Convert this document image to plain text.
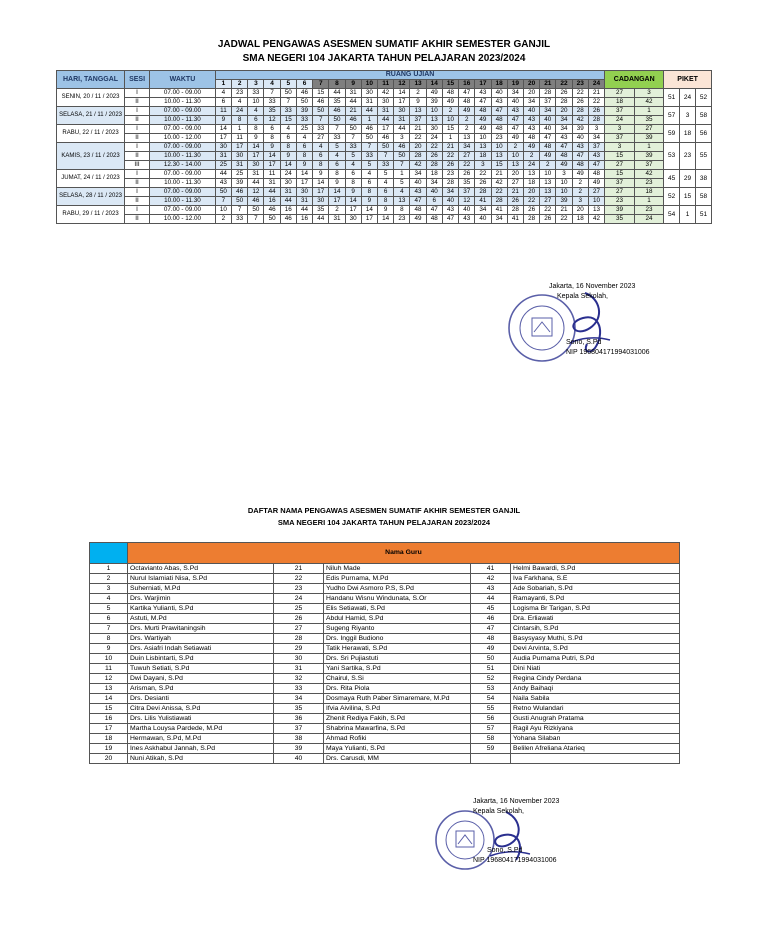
JADWAL PENGAWAS ASESMEN SUMATIF AKHIR SEMESTER GANJIL
SMA NEGERI 104 JAKARTA TAHUN PELAJARAN 2023/2024
HARI, TANGGAL	SESI	WAKTU	RUANG UJIAN																								CADANGAN		PIKET		
			1	2	3	4	5	6	7	8	9	10	11	12	13	14	15	16	17	18	19	20	21	22	23	24					
SENIN, 20 / 11 / 2023	I	07.00 - 09.00	4	23	33	7	50	46	15	44	31	30	42	14	2	49	48	47	43	40	34	20	28	26	22	21	27	3	51	24	52
	II	10.00 - 11.30	6	4	10	33	7	50	46	35	44	31	30	17	9	39	49	48	47	43	40	34	37	28	26	22	18	42			
SELASA, 21 / 11 / 2023	I	07.00 - 09.00	11	24	4	35	33	39	50	46	21	44	31	30	13	10	2	49	48	47	43	40	34	20	28	26	37	1	57	3	58
	II	10.00 - 11.30	9	8	6	12	15	33	7	50	46	1	44	31	37	13	10	2	49	48	47	43	40	34	42	28	24	35			
RABU, 22 / 11 / 2023	I	07.00 - 09.00	14	1	8	6	4	25	33	7	50	46	17	44	21	30	15	2	49	48	47	43	40	34	39	3	3	27	59	18	56
	II	10.00 - 12.00	17	11	9	8	6	4	27	33	7	50	46	3	22	24	1	13	10	23	49	48	47	43	40	34	37	39			
KAMIS, 23 / 11 / 2023	I	07.00 - 09.00	30	17	14	9	8	6	4	5	33	7	50	46	20	22	21	34	13	10	2	49	48	47	43	37	3	1	53	23	55
	II	10.00 - 11.30	31	30	17	14	9	8	6	4	5	33	7	50	28	26	22	27	18	13	10	2	49	48	47	43	15	39			
	III	12.30 - 14.00	25	31	30	17	14	9	8	6	4	5	33	7	42	28	26	22	3	15	13	24	2	49	48	47	27	37			
JUMAT, 24 / 11 / 2023	I	07.00 - 09.00	44	25	31	11	24	14	9	8	6	4	5	1	34	18	23	26	22	21	20	13	10	3	49	48	15	42	45	29	38
	II	10.00 - 11.30	43	39	44	31	30	17	14	9	8	6	4	5	40	34	28	35	26	42	27	18	13	10	2	49	37	23			
SELASA, 28 / 11 / 2023	I	07.00 - 09.00	50	46	12	44	31	30	17	14	9	8	6	4	43	40	34	37	28	22	21	20	13	10	2	27	27	18	52	15	58
	II	10.00 - 11.30	7	50	46	16	44	31	30	17	14	9	8	13	47	6	40	12	41	28	26	22	27	39	3	10	23	1			
RABU, 29 / 11 / 2023	I	07.00 - 09.00	10	7	50	46	16	44	35	2	17	14	9	8	48	47	43	40	34	41	28	26	22	21	20	13	39	23	54	1	51
	II	10.00 - 12.00	2	33	7	50	46	16	44	31	30	17	14	23	49	48	47	43	40	34	41	28	26	22	18	42	35	24			
Jakarta, 16 November 2023
Kepala Sekolah,
Sono, S.Pd
NIP 196804171994031006
DAFTAR NAMA PENGAWAS ASESMEN SUMATIF AKHIR SEMESTER GANJIL
SMA NEGERI 104 JAKARTA TAHUN PELAJARAN 2023/2024
	Nama Guru				
1	Octavianto Abas, S.Pd	21	Niluh Made	41	Helmi Bawardi, S.Pd
2	Nurul Islamiati Nisa, S.Pd	22	Edis Purnama, M.Pd	42	Iva Farkhana, S.E
3	Suherniati, M.Pd	23	Yudho Dwi Asmoro P.S, S.Pd	43	Ade Sobariah, S.Pd
4	Drs. Warjimin	24	Handanu Wisnu Windunata, S.Or	44	Ramayanti, S.Pd
5	Kartika Yulianti, S.Pd	25	Elis Setiawati, S.Pd	45	Logisma Br Tarigan, S.Pd
6	Astuti, M.Pd	26	Abdul Hamid, S.Pd	46	Dra. Erliawati
7	Drs. Murti Prawitaningsih	27	Sugeng Riyanto	47	Cintarsih, S.Pd
8	Drs. Wartiyah	28	Drs. Inggil Budiono	48	Basysyasy Muthi, S.Pd
9	Drs. Asiafri Indah Setiawati	29	Tatik Herawati, S.Pd	49	Devi Arvinta, S.Pd
10	Duin Lisbintarti, S.Pd	30	Drs. Sri Pujiastuti	50	Audia Purnama Putri, S.Pd
11	Tuwuh Setiati, S.Pd	31	Yani Sartika, S.Pd	51	Dini Niati
12	Dwi Dayani, S.Pd	32	Chairul, S.Si	52	Regina Cindy Perdana
13	Arisman, S.Pd	33	Drs. Rita Piola	53	Andy Baihaqi
14	Drs. Desianti	34	Dosmaya Ruth Paber Simaremare, M.Pd	54	Naila Sabila
15	Citra Devi Anissa, S.Pd	35	Ifvia Aivilina, S.Pd	55	Retno Wulandari
16	Drs. Lilis Yulistiawati	36	Zhenit Rediya Fakih, S.Pd	56	Gusti Anugrah Pratama
17	Martha Louysa Pardede, M.Pd	37	Shabrina Mawarfina, S.Pd	57	Ragil Ayu Rizkiyana
18	Hermawan, S.Pd, M.Pd	38	Ahmad Rofiki	58	Yohana Silaban
19	Ines Askhabul Jannah, S.Pd	39	Maya Yulianti, S.Pd	59	Belilen Afreliana Atarieq
20	Nuni Atikah, S.Pd	40	Drs. Carusdi, MM		
Jakarta, 16 November 2023
Kepala Sekolah,
Sono, S.Pd
NIP 196804171994031006
